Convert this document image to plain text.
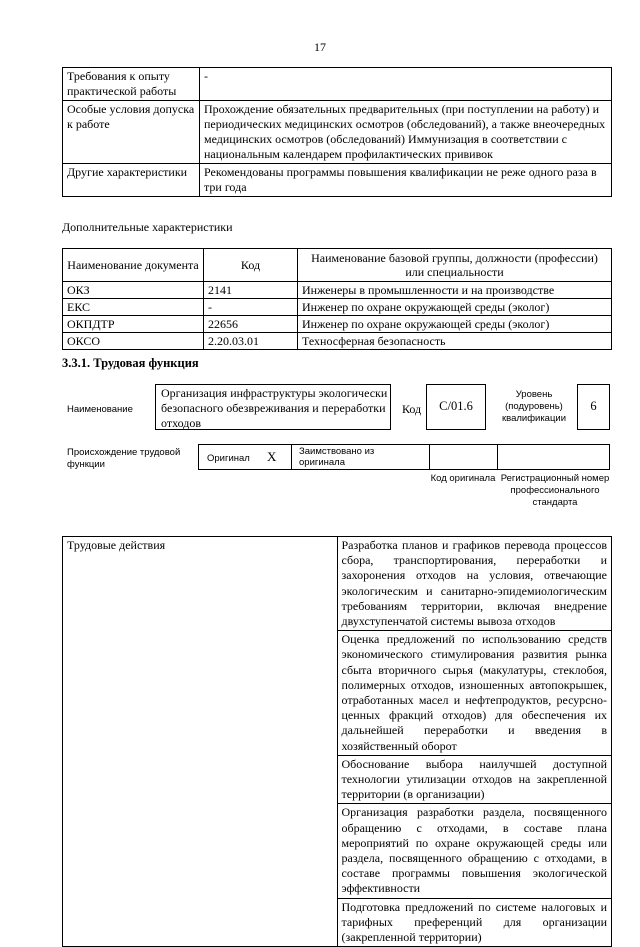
17
Требования к опыту практической работы	-
Особые условия допуска к работе	Прохождение обязательных предварительных (при поступлении на работу) и периодических медицинских осмотров (обследований), а также внеочередных медицинских осмотров (обследований) Иммунизация в соответствии с национальным календарем профилактических прививок
Другие характеристики	Рекомендованы программы повышения квалификации не реже одного раза в три года
Дополнительные характеристики
Наименование документа	Код	Наименование базовой группы, должности (профессии) или специальности
ОКЗ	2141	Инженеры в промышленности и на производстве
ЕКС	-	Инженер по охране окружающей среды (эколог)
ОКПДТР	22656	Инженер по охране окружающей среды (эколог)
ОКСО	2.20.03.01	Техносферная безопасность
3.3.1. Трудовая функция
Наименование
Организация инфраструктуры экологически безопасного обезвреживания и переработки отходов
Код	С/01.6
Уровень (подуровень) квалификации
6
Происхождение трудовой функции
Оригинал X Заимствовано из оригинала
Код оригинала Регистрационный номер профессионального стандарта
Трудовые действия	Разработка планов и графиков перевода процессов сбора, транспортирования, переработки и захоронения отходов на условия, отвечающие экологическим и санитарно-эпидемиологическим требованиям территории, включая внедрение двухступенчатой системы вывоза отходов
Оценка предложений по использованию средств экономического стимулирования развития рынка сбыта вторичного сырья (макулатуры, стеклобоя, полимерных отходов, изношенных автопокрышек, отработанных масел и нефтепродуктов, ресурсно-ценных фракций отходов) для обеспечения их дальнейшей переработки и введения в хозяйственный оборот
Обоснование выбора наилучшей доступной технологии утилизации отходов на закрепленной территории (в организации)
Организация разработки раздела, посвященного обращению с отходами, в составе плана мероприятий по охране окружающей среды или раздела, посвященного обращению с отходами, в составе программы повышения экологической эффективности
Подготовка предложений по системе налоговых и тарифных преференций для организации (закрепленной территории)
